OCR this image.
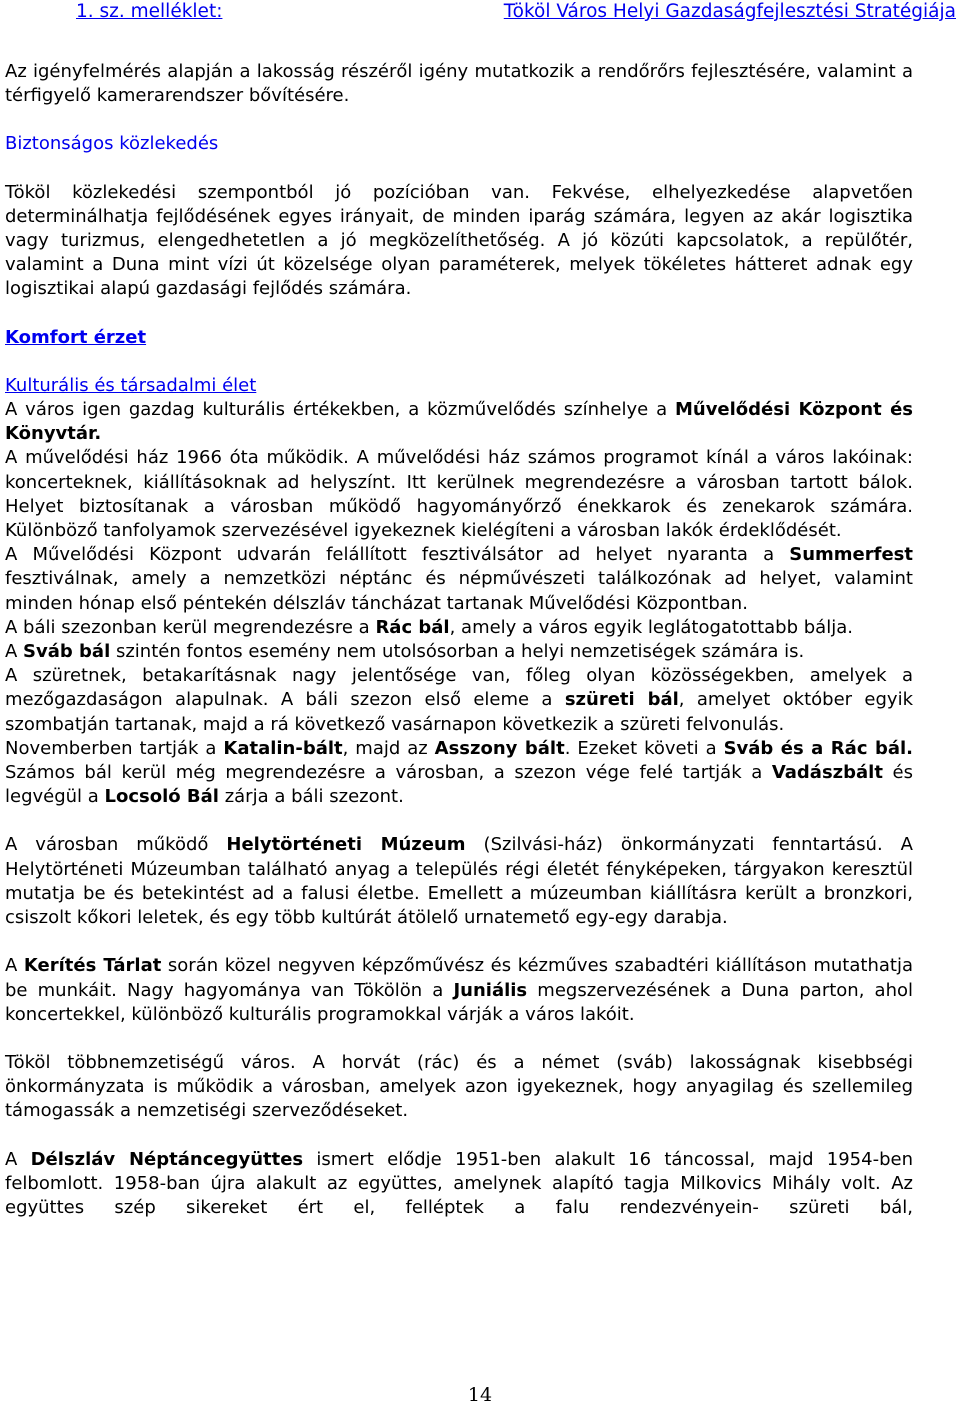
1. sz. melléklet:	Tököl Város Helyi Gazdaságfejlesztési Stratégiája

Az igényfelmérés alapján a lakosság részéről igény mutatkozik a rendőrőrs fejlesztésére, valamint a térfigyelő kamerarendszer bővítésére.

Biztonságos közlekedés

Tököl közlekedési szempontból jó pozícióban van. Fekvése, elhelyezkedése alapvetően determinálhatja fejlődésének egyes irányait, de minden iparág számára, legyen az akár logisztika vagy turizmus, elengedhetetlen a jó megközelíthetőség. A jó közúti kapcsolatok, a repülőtér, valamint a Duna mint vízi út közelsége olyan paraméterek, melyek tökéletes hátteret adnak egy logisztikai alapú gazdasági fejlődés számára.

Komfort érzet

Kulturális és társadalmi élet

A város igen gazdag kulturális értékekben, a közművelődés színhelye a Művelődési Központ és Könyvtár.

A művelődési ház 1966 óta működik. A művelődési ház számos programot kínál a város lakóinak: koncerteknek, kiállításoknak ad helyszínt. Itt kerülnek megrendezésre a városban tartott bálok. Helyet biztosítanak a városban működő hagyományőrző énekkarok és zenekarok számára. Különböző tanfolyamok szervezésével igyekeznek kielégíteni a városban lakók érdeklődését.

A Művelődési Központ udvarán felállított fesztiválsátor ad helyet nyaranta a Summerfest fesztiválnak, amely a nemzetközi néptánc és népművészeti találkozónak ad helyet, valamint minden hónap első péntekén délszláv táncházat tartanak Művelődési Központban.

A báli szezonban kerül megrendezésre a Rác bál, amely a város egyik leglátogatottabb bálja.

A Sváb bál szintén fontos esemény nem utolsósorban a helyi nemzetiségek számára is.

A szüretnek, betakarításnak nagy jelentősége van, főleg olyan közösségekben, amelyek a mezőgazdaságon alapulnak. A báli szezon első eleme a szüreti bál, amelyet október egyik szombatján tartanak, majd a rá következő vasárnapon következik a szüreti felvonulás.

Novemberben tartják a Katalin-bált, majd az Asszony bált. Ezeket követi a Sváb és a Rác bál. Számos bál kerül még megrendezésre a városban, a szezon vége felé tartják a Vadászbált és legvégül a Locsoló Bál zárja a báli szezont.

A városban működő Helytörténeti Múzeum (Szilvási-ház) önkormányzati fenntartású. A Helytörténeti Múzeumban található anyag a település régi életét fényképeken, tárgyakon keresztül mutatja be és betekintést ad a falusi életbe. Emellett a múzeumban kiállításra került a bronzkori, csiszolt kőkori leletek, és egy több kultúrát átölelő urnatemető egy-egy darabja.

A Kerítés Tárlat során közel negyven képzőművész és kézműves szabadtéri kiállításon mutathatja be munkáit. Nagy hagyománya van Tökölön a Juniális megszervezésének a Duna parton, ahol koncertekkel, különböző kulturális programokkal várják a város lakóit.

Tököl többnemzetiségű város. A horvát (rác) és a német (sváb) lakosságnak kisebbségi önkormányzata is működik a városban, amelyek azon igyekeznek, hogy anyagilag és szellemileg támogassák a nemzetiségi szerveződéseket.

A Délszláv Néptáncegyüttes ismert elődje 1951-ben alakult 16 táncossal, majd 1954-ben felbomlott. 1958-ban újra alakult az együttes, amelynek alapító tagja Milkovics Mihály volt. Az együttes szép sikereket ért el, felléptek a falu rendezvényein- szüreti bál,

14
